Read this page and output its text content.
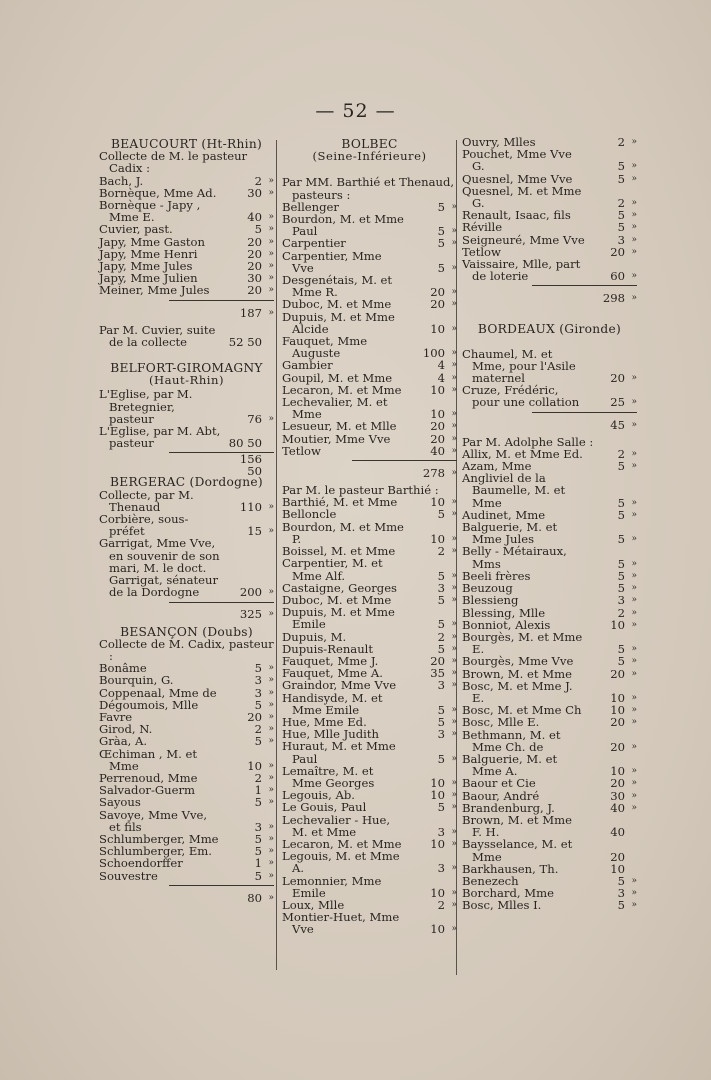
— 52 —
BEAUCOURT (Ht-Rhin)
Collecte de M. le pasteur Cadix :
Bach, J.	2 »
Bornèque, Mme Ad.	30 »
Bornèque - Japy , Mme E.	40 »
Cuvier, past.	5 »
Japy, Mme Gaston	20 »
Japy, Mme Henri	20 »
Japy, Mme Jules	20 »
Japy, Mme Julien	30 »
Meiner, Mme Jules	20 »
187 »
Par M. Cuvier, suite de la collecte	52 50
BELFORT-GIROMAGNY
(Haut-Rhin)
L'Eglise, par M. Bretegnier, pasteur	76 »
L'Eglise, par M. Abt, pasteur	80 50
156 50
BERGERAC (Dordogne)
Collecte, par M. Thenaud	110 »
Corbière, sous-préfet	15 »
Garrigat, Mme Vve, en souvenir de son mari, M. le doct. Garrigat, sénateur de la Dordogne	200 »
325 »
BESANÇON (Doubs)
Collecte de M. Cadix, pasteur :
Bonâme	5 »
Bourquin, G.	3 »
Coppenaal, Mme de	3 »
Dégoumois, Mlle	5 »
Favre	20 »
Girod, N.	2 »
Gràa, A.	5 »
Œchiman , M. et Mme	10 »
Perrenoud, Mme	2 »
Salvador-Guerm	1 »
Sayous	5 »
Savoye, Mme Vve, et fils	3 »
Schlumberger, Mme	5 »
Schlumberger, Em.	5 »
Schoendorffer	1 »
Souvestre	5 »
80 »
BOLBEC
(Seine-Inférieure)
Par MM. Barthié et Thenaud, pasteurs :
Bellenger	5 »
Bourdon, M. et Mme Paul	5 »
Carpentier	5 »
Carpentier, Mme Vve	5 »
Desgenétais, M. et Mme R.	20 »
Duboc, M. et Mme	20 »
Dupuis, M. et Mme Alcide	10 »
Fauquet, Mme Auguste	100 »
Gambier	4 »
Goupil, M. et Mme	4 »
Lecaron, M. et Mme	10 »
Lechevalier, M. et Mme	10 »
Lesueur, M. et Mlle	20 »
Moutier, Mme Vve	20 »
Tetlow	40 »
278 »
Par M. le pasteur Barthié :
Barthié, M. et Mme	10 »
Belloncle	5 »
Bourdon, M. et Mme P.	10 »
Boissel, M. et Mme	2 »
Carpentier, M. et Mme Alf.	5 »
Castaigne, Georges	3 »
Duboc, M. et Mme	5 »
Dupuis, M. et Mme Emile	5 »
Dupuis, M.	2 »
Dupuis-Renault	5 »
Fauquet, Mme J.	20 »
Fauquet, Mme A.	35 »
Graindor, Mme Vve	3 »
Handisyde, M. et Mme Emile	5 »
Hue, Mme Ed.	5 »
Hue, Mlle Judith	3 »
Huraut, M. et Mme Paul	5 »
Lemaître, M. et Mme Georges	10 »
Legouis, Ab.	10 »
Le Gouis, Paul	5 »
Lechevalier - Hue, M. et Mme	3 »
Lecaron, M. et Mme	10 »
Legouis, M. et Mme A.	3 »
Lemonnier, Mme Emile	10 »
Loux, Mlle	2 »
Montier-Huet, Mme Vve	10 »
Ouvry, Mlles	2 »
Pouchet, Mme Vve G.	5 »
Quesnel, Mme Vve	5 »
Quesnel, M. et Mme G.	2 »
Renault, Isaac, fils	5 »
Réville	5 »
Seigneuré, Mme Vve	3 »
Tetlow	20 »
Vaissaire, Mlle, part de loterie	60 »
298 »
BORDEAUX (Gironde)
Chaumel, M. et Mme, pour l'Asile maternel	20 »
Cruze, Frédéric, pour une collation	25 »
45 »
Par M. Adolphe Salle :
Allix, M. et Mme Ed.	2 »
Azam, Mme	5 »
Angliviel de la Baumelle, M. et Mme	5 »
Audinet, Mme	5 »
Balguerie, M. et Mme Jules	5 »
Belly - Métairaux, Mms	5 »
Beeli frères	5 »
Beuzoug	5 »
Blessieng	3 »
Blessing, Mlle	2 »
Bonniot, Alexis	10 »
Bourgès, M. et Mme E.	5 »
Bourgès, Mme Vve	5 »
Brown, M. et Mme	20 »
Bosc, M. et Mme J. E.	10 »
Bosc, M. et Mme Ch	10 »
Bosc, Mlle E.	20 »
Bethmann, M. et Mme Ch. de	20 »
Balguerie, M. et Mme A.	10 »
Baour et Cie	20 »
Baour, André	30 »
Brandenburg, J.	40 »
Brown, M. et Mme F. H.	40
Baysselance, M. et Mme	20
Barkhausen, Th.	10
Benezech	5 »
Borchard, Mme	3 »
Bosc, Mlles I.	5 »
